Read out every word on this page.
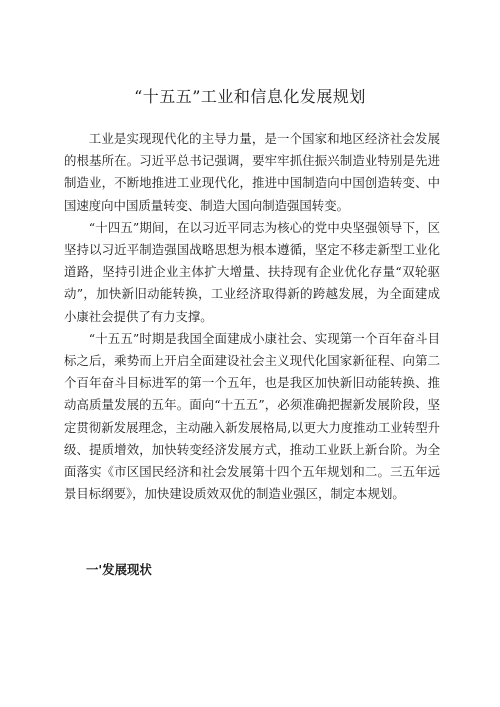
“十五五”工业和信息化发展规划

工业是实现现代化的主导力量，是一个国家和地区经济社会发展的根基所在。习近平总书记强调，要牢牢抓住振兴制造业特别是先进制造业，不断地推进工业现代化，推进中国制造向中国创造转变、中国速度向中国质量转变、制造大国向制造强国转变。

“十四五”期间，在以习近平同志为核心的党中央坚强领导下，区坚持以习近平制造强国战略思想为根本遵循，坚定不移走新型工业化道路，坚持引进企业主体扩大增量、扶持现有企业优化存量“双轮驱动”，加快新旧动能转换，工业经济取得新的跨越发展，为全面建成小康社会提供了有力支撑。

“十五五”时期是我国全面建成小康社会、实现第一个百年奋斗目标之后，乘势而上开启全面建设社会主义现代化国家新征程、向第二个百年奋斗目标进军的第一个五年，也是我区加快新旧动能转换、推动高质量发展的五年。面向“十五五”，必须准确把握新发展阶段，坚定贯彻新发展理念，主动融入新发展格局,以更大力度推动工业转型升级、提质增效，加快转变经济发展方式，推动工业跃上新台阶。为全面落实《市区国民经济和社会发展第十四个五年规划和二。三五年远景目标纲要》，加快建设质效双优的制造业强区，制定本规划。

一'发展现状
